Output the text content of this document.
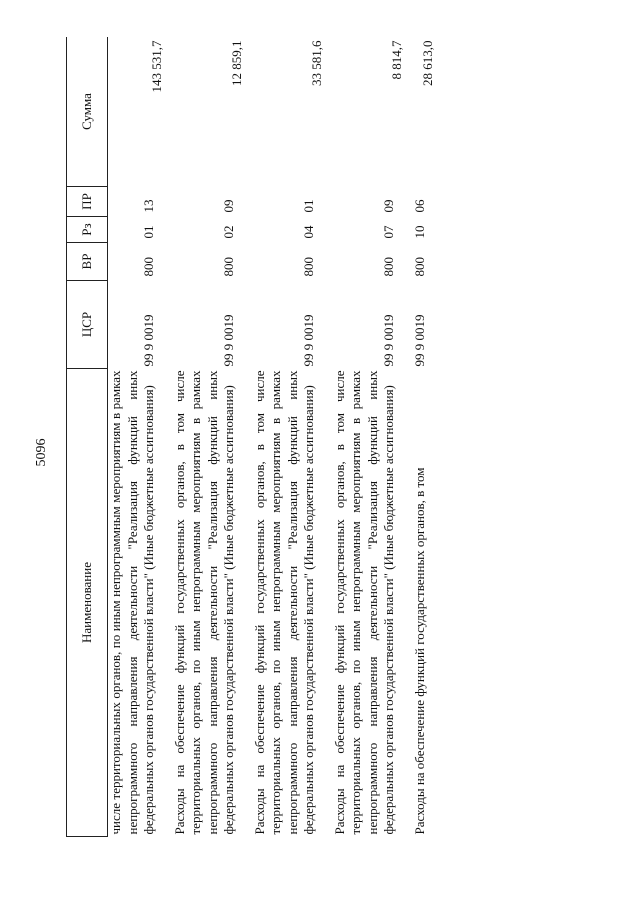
5096
Наименование	ЦСР	ВР	Рз	ПР	Сумма
числе территориальных органов, по иным непрограммным мероприятиям в рамках непрограммного направления деятельности "Реализация функций иных федеральных органов государственной власти" (Иные бюджетные ассигнования)	99 9 0019	800	01	13	143 531,7
Расходы на обеспечение функций государственных органов, в том числе территориальных органов, по иным непрограммным мероприятиям в рамках непрограммного направления деятельности "Реализация функций иных федеральных органов государственной власти" (Иные бюджетные ассигнования)	99 9 0019	800	02	09	12 859,1
Расходы на обеспечение функций государственных органов, в том числе территориальных органов, по иным непрограммным мероприятиям в рамках непрограммного направления деятельности "Реализация функций иных федеральных органов государственной власти" (Иные бюджетные ассигнования)	99 9 0019	800	04	01	33 581,6
Расходы на обеспечение функций государственных органов, в том числе территориальных органов, по иным непрограммным мероприятиям в рамках непрограммного направления деятельности "Реализация функций иных федеральных органов государственной власти" (Иные бюджетные ассигнования)	99 9 0019	800	07	09	8 814,7
Расходы на обеспечение функций государственных органов, в том	99 9 0019	800	10	06	28 613,0
